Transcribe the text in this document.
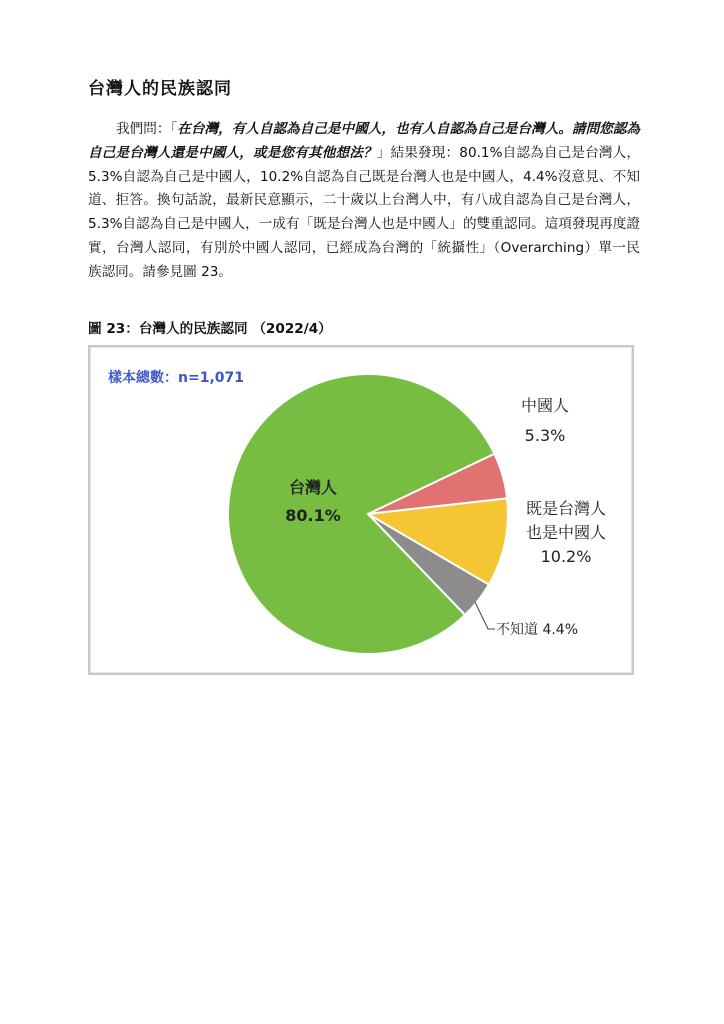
台灣人的民族認同
我們問：「在台灣，有人自認為自己是中國人，也有人自認為自己是台灣人。請問您認為自己是台灣人還是中國人，或是您有其他想法？」結果發現：80.1%自認為自己是台灣人，5.3%自認為自己是中國人，10.2%自認為自己既是台灣人也是中國人，4.4%沒意見、不知道、拒答。換句話說，最新民意顯示，二十歲以上台灣人中，有八成自認為自己是台灣人，5.3%自認為自己是中國人，一成有「既是台灣人也是中國人」的雙重認同。這項發現再度證實，台灣人認同，有別於中國人認同，已經成為台灣的「統攝性」（Overarching）單一民族認同。請參見圖 23。
圖 23：台灣人的民族認同 （2022/4）
樣本總數：n=1,071
台灣人
80.1%
中國人
5.3%
既是台灣人
也是中國人
10.2%
不知道 4.4%
